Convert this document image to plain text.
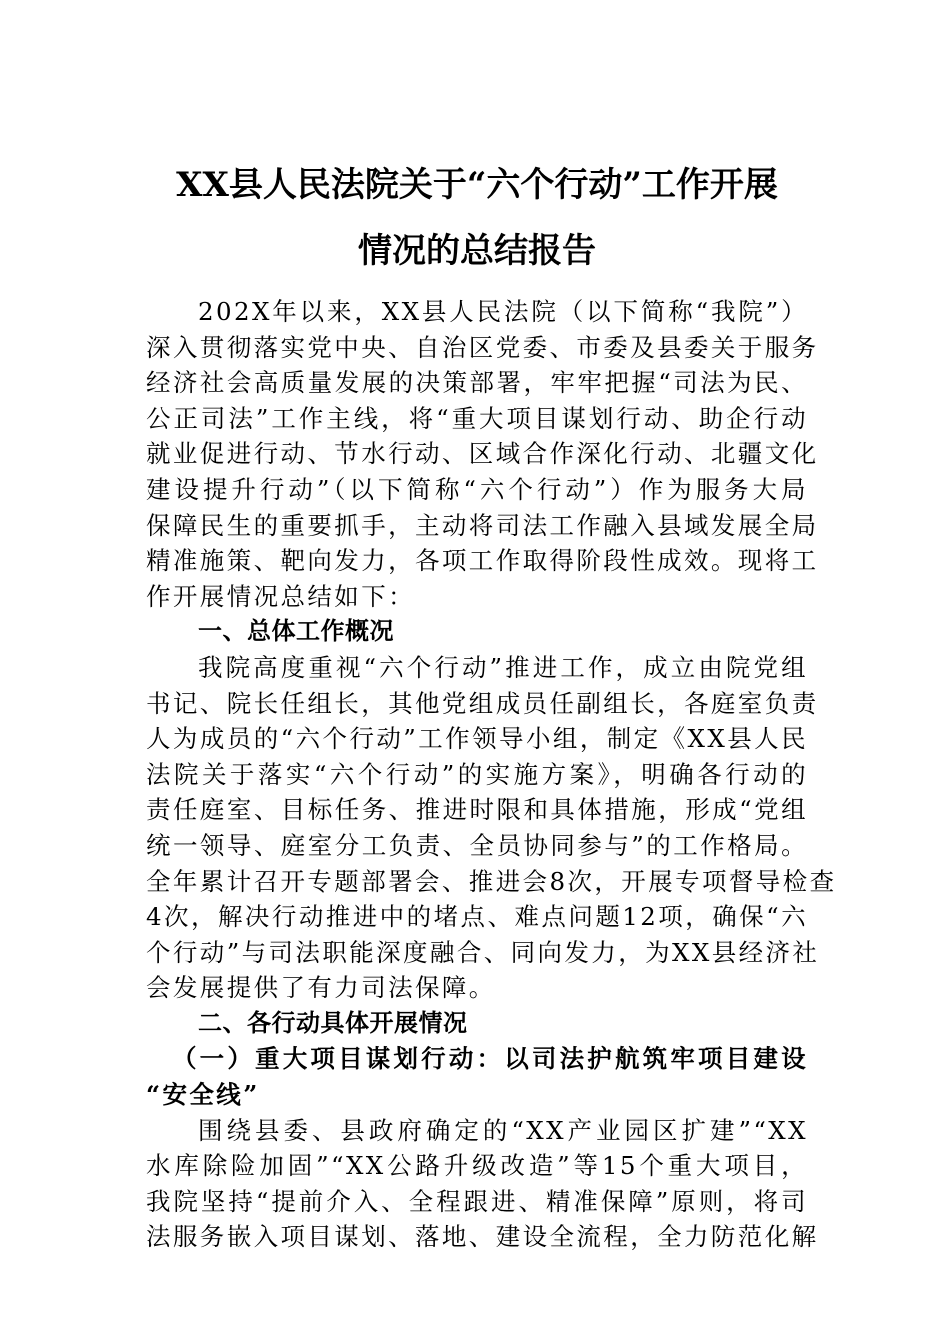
XX县人民法院关于“六个行动”工作开展
情况的总结报告

202X年以来，XX县人民法院（以下简称“我院”）
深入贯彻落实党中央、自治区党委、市委及县委关于服务
经济社会高质量发展的决策部署，牢牢把握“司法为民、
公正司法”工作主线，将“重大项目谋划行动、助企行动
就业促进行动、节水行动、区域合作深化行动、北疆文化
建设提升行动”（以下简称“六个行动”）作为服务大局
保障民生的重要抓手，主动将司法工作融入县域发展全局
精准施策、靶向发力，各项工作取得阶段性成效。现将工
作开展情况总结如下：

一、总体工作概况

我院高度重视“六个行动”推进工作，成立由院党组
书记、院长任组长，其他党组成员任副组长，各庭室负责
人为成员的“六个行动”工作领导小组，制定《XX县人民
法院关于落实“六个行动”的实施方案》，明确各行动的
责任庭室、目标任务、推进时限和具体措施，形成“党组
统一领导、庭室分工负责、全员协同参与”的工作格局。
全年累计召开专题部署会、推进会8次，开展专项督导检查
4次，解决行动推进中的堵点、难点问题12项，确保“六
个行动”与司法职能深度融合、同向发力，为XX县经济社
会发展提供了有力司法保障。

二、各行动具体开展情况
（一）重大项目谋划行动：以司法护航筑牢项目建设
“安全线”

围绕县委、县政府确定的“XX产业园区扩建”“XX
水库除险加固”“XX公路升级改造”等15个重大项目，
我院坚持“提前介入、全程跟进、精准保障”原则，将司
法服务嵌入项目谋划、落地、建设全流程，全力防范化解
